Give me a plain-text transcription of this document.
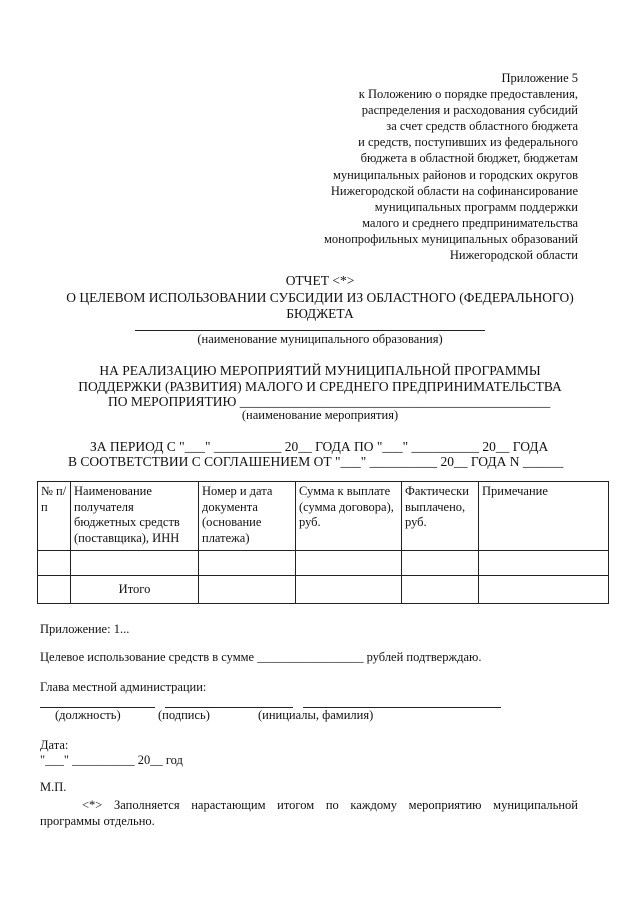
Приложение 5
к Положению о порядке предоставления,
распределения и расходования субсидий
за счет средств областного бюджета
и средств, поступивших из федерального
бюджета в областной бюджет, бюджетам
муниципальных районов и городских округов
Нижегородской области на софинансирование
муниципальных программ поддержки
малого и среднего предпринимательства
монопрофильных муниципальных образований
Нижегородской области
ОТЧЕТ <*>
О ЦЕЛЕВОМ ИСПОЛЬЗОВАНИИ СУБСИДИИ ИЗ ОБЛАСТНОГО (ФЕДЕРАЛЬНОГО)
БЮДЖЕТА
(наименование муниципального образования)
НА РЕАЛИЗАЦИЮ МЕРОПРИЯТИЙ МУНИЦИПАЛЬНОЙ ПРОГРАММЫ
ПОДДЕРЖКИ (РАЗВИТИЯ) МАЛОГО И СРЕДНЕГО ПРЕДПРИНИМАТЕЛЬСТВА
ПО МЕРОПРИЯТИЮ ______________________________________________
(наименование мероприятия)
ЗА ПЕРИОД С "___" __________ 20__ ГОДА ПО "___" __________ 20__ ГОДА
В СООТВЕТСТВИИ С СОГЛАШЕНИЕМ ОТ "___" __________ 20__ ГОДА N ______
№ п/п	Наименование получателя бюджетных средств (поставщика), ИНН	Номер и дата документа (основание платежа)	Сумма к выплате (сумма договора), руб.	Фактически выплачено, руб.	Примечание

	Итого				
Приложение: 1...
Целевое использование средств в сумме _________________ рублей подтверждаю.
Глава местной администрации:
(должность)	(подпись)	(инициалы, фамилия)
Дата:
"___" __________ 20__ год
М.П.
<*> Заполняется нарастающим итогом по каждому мероприятию муниципальной программы отдельно.
